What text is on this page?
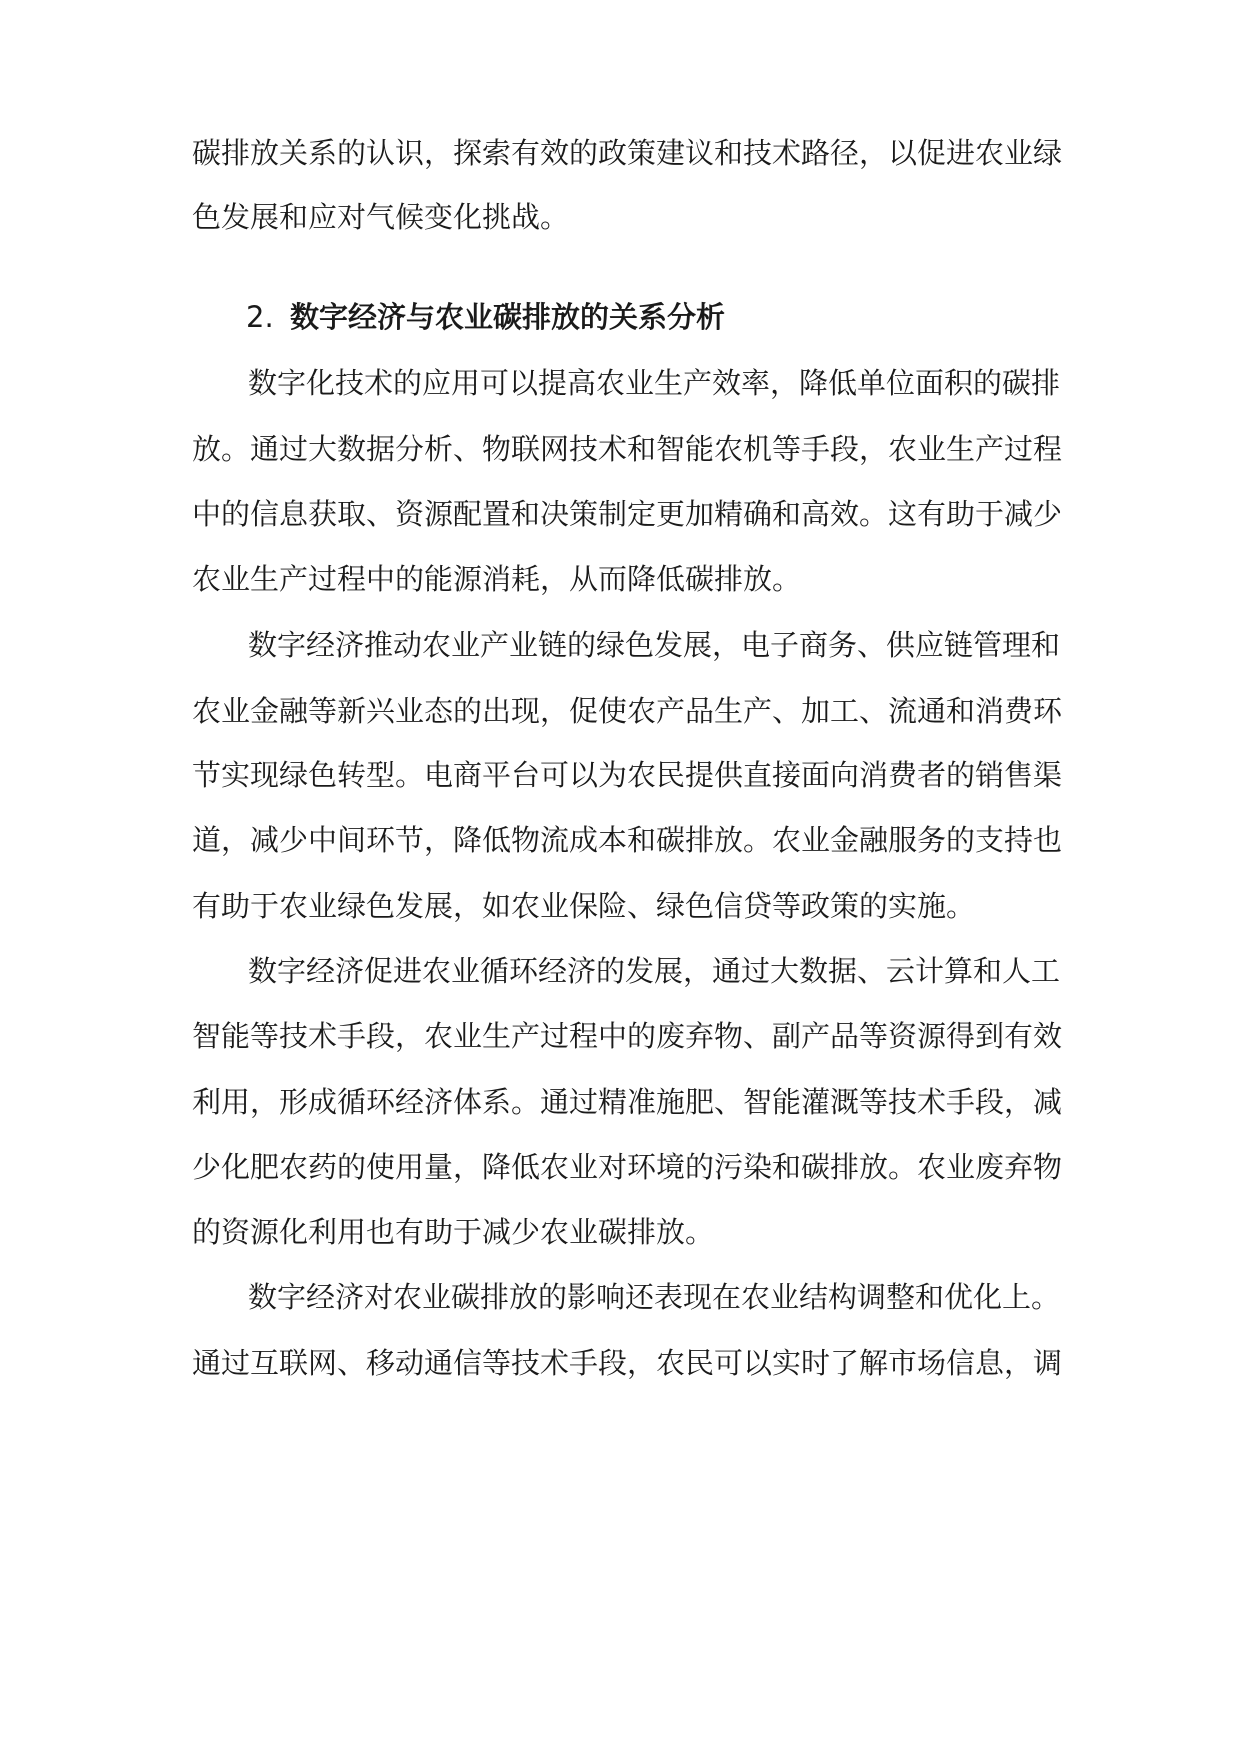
碳排放关系的认识，探索有效的政策建议和技术路径，以促进农业绿
色发展和应对气候变化挑战。
2. 数字经济与农业碳排放的关系分析
数字化技术的应用可以提高农业生产效率，降低单位面积的碳排
放。通过大数据分析、物联网技术和智能农机等手段，农业生产过程
中的信息获取、资源配置和决策制定更加精确和高效。这有助于减少
农业生产过程中的能源消耗，从而降低碳排放。
数字经济推动农业产业链的绿色发展，电子商务、供应链管理和
农业金融等新兴业态的出现，促使农产品生产、加工、流通和消费环
节实现绿色转型。电商平台可以为农民提供直接面向消费者的销售渠
道，减少中间环节，降低物流成本和碳排放。农业金融服务的支持也
有助于农业绿色发展，如农业保险、绿色信贷等政策的实施。
数字经济促进农业循环经济的发展，通过大数据、云计算和人工
智能等技术手段，农业生产过程中的废弃物、副产品等资源得到有效
利用，形成循环经济体系。通过精准施肥、智能灌溉等技术手段，减
少化肥农药的使用量，降低农业对环境的污染和碳排放。农业废弃物
的资源化利用也有助于减少农业碳排放。
数字经济对农业碳排放的影响还表现在农业结构调整和优化上。
通过互联网、移动通信等技术手段，农民可以实时了解市场信息，调
